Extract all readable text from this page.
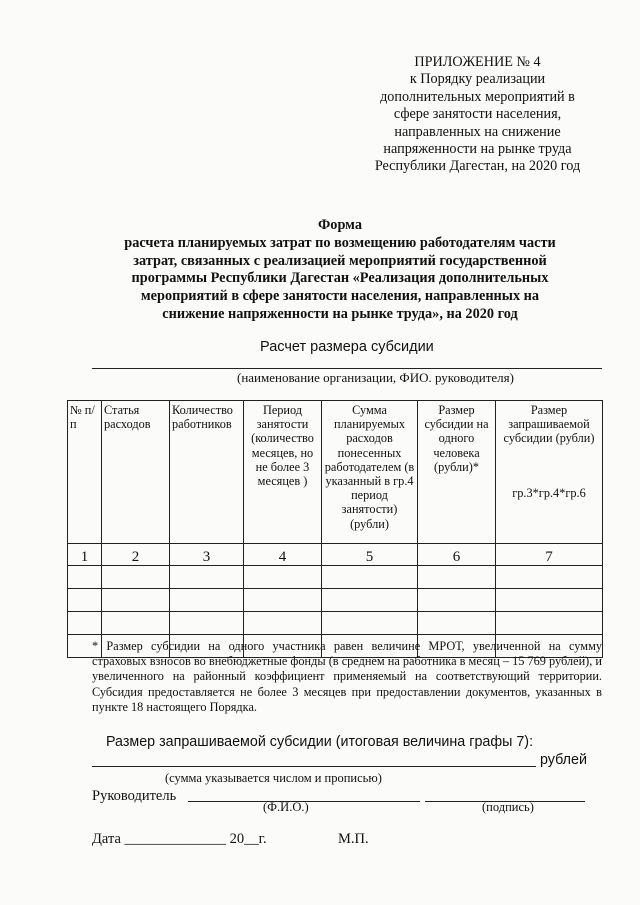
ПРИЛОЖЕНИЕ № 4
к Порядку реализации
дополнительных мероприятий в
сфере занятости населения,
направленных на снижение
напряженности на рынке труда
Республики Дагестан, на 2020 год
Форма
расчета планируемых затрат по возмещению работодателям части
затрат, связанных с реализацией мероприятий государственной
программы Республики Дагестан «Реализация дополнительных
мероприятий в сфере занятости населения, направленных на
снижение напряженности на рынке труда», на 2020 год
Расчет размера субсидии
(наименование организации, ФИО. руководителя)
№ п/п	Статья расходов	Количество работников	Период занятости (количество месяцев, но не более 3 месяцев )	Сумма планируемых расходов понесенных работодателем (в указанный в гр.4 период занятости) (рубли)	Размер субсидии на одного человека (рубли)*	Размер запрашиваемой субсидии (рубли)
гр.3*гр.4*гр.6

1	2	3	4	5	6	7

* Размер субсидии на одного участника равен величине МРОТ, увеличенной на сумму страховых взносов во внебюджетные фонды (в среднем на работника в месяц – 15 769 рублей), и увеличенного на районный коэффициент применяемый на соответствующий территории. Субсидия предоставляется не более 3 месяцев при предоставлении документов, указанных в пункте 18 настоящего Порядка.
Размер запрашиваемой субсидии (итоговая величина графы 7):
рублей
(сумма указывается числом и прописью)
Руководитель
(Ф.И.О.)	(подпись)
Дата ______________ 20__г.	М.П.
